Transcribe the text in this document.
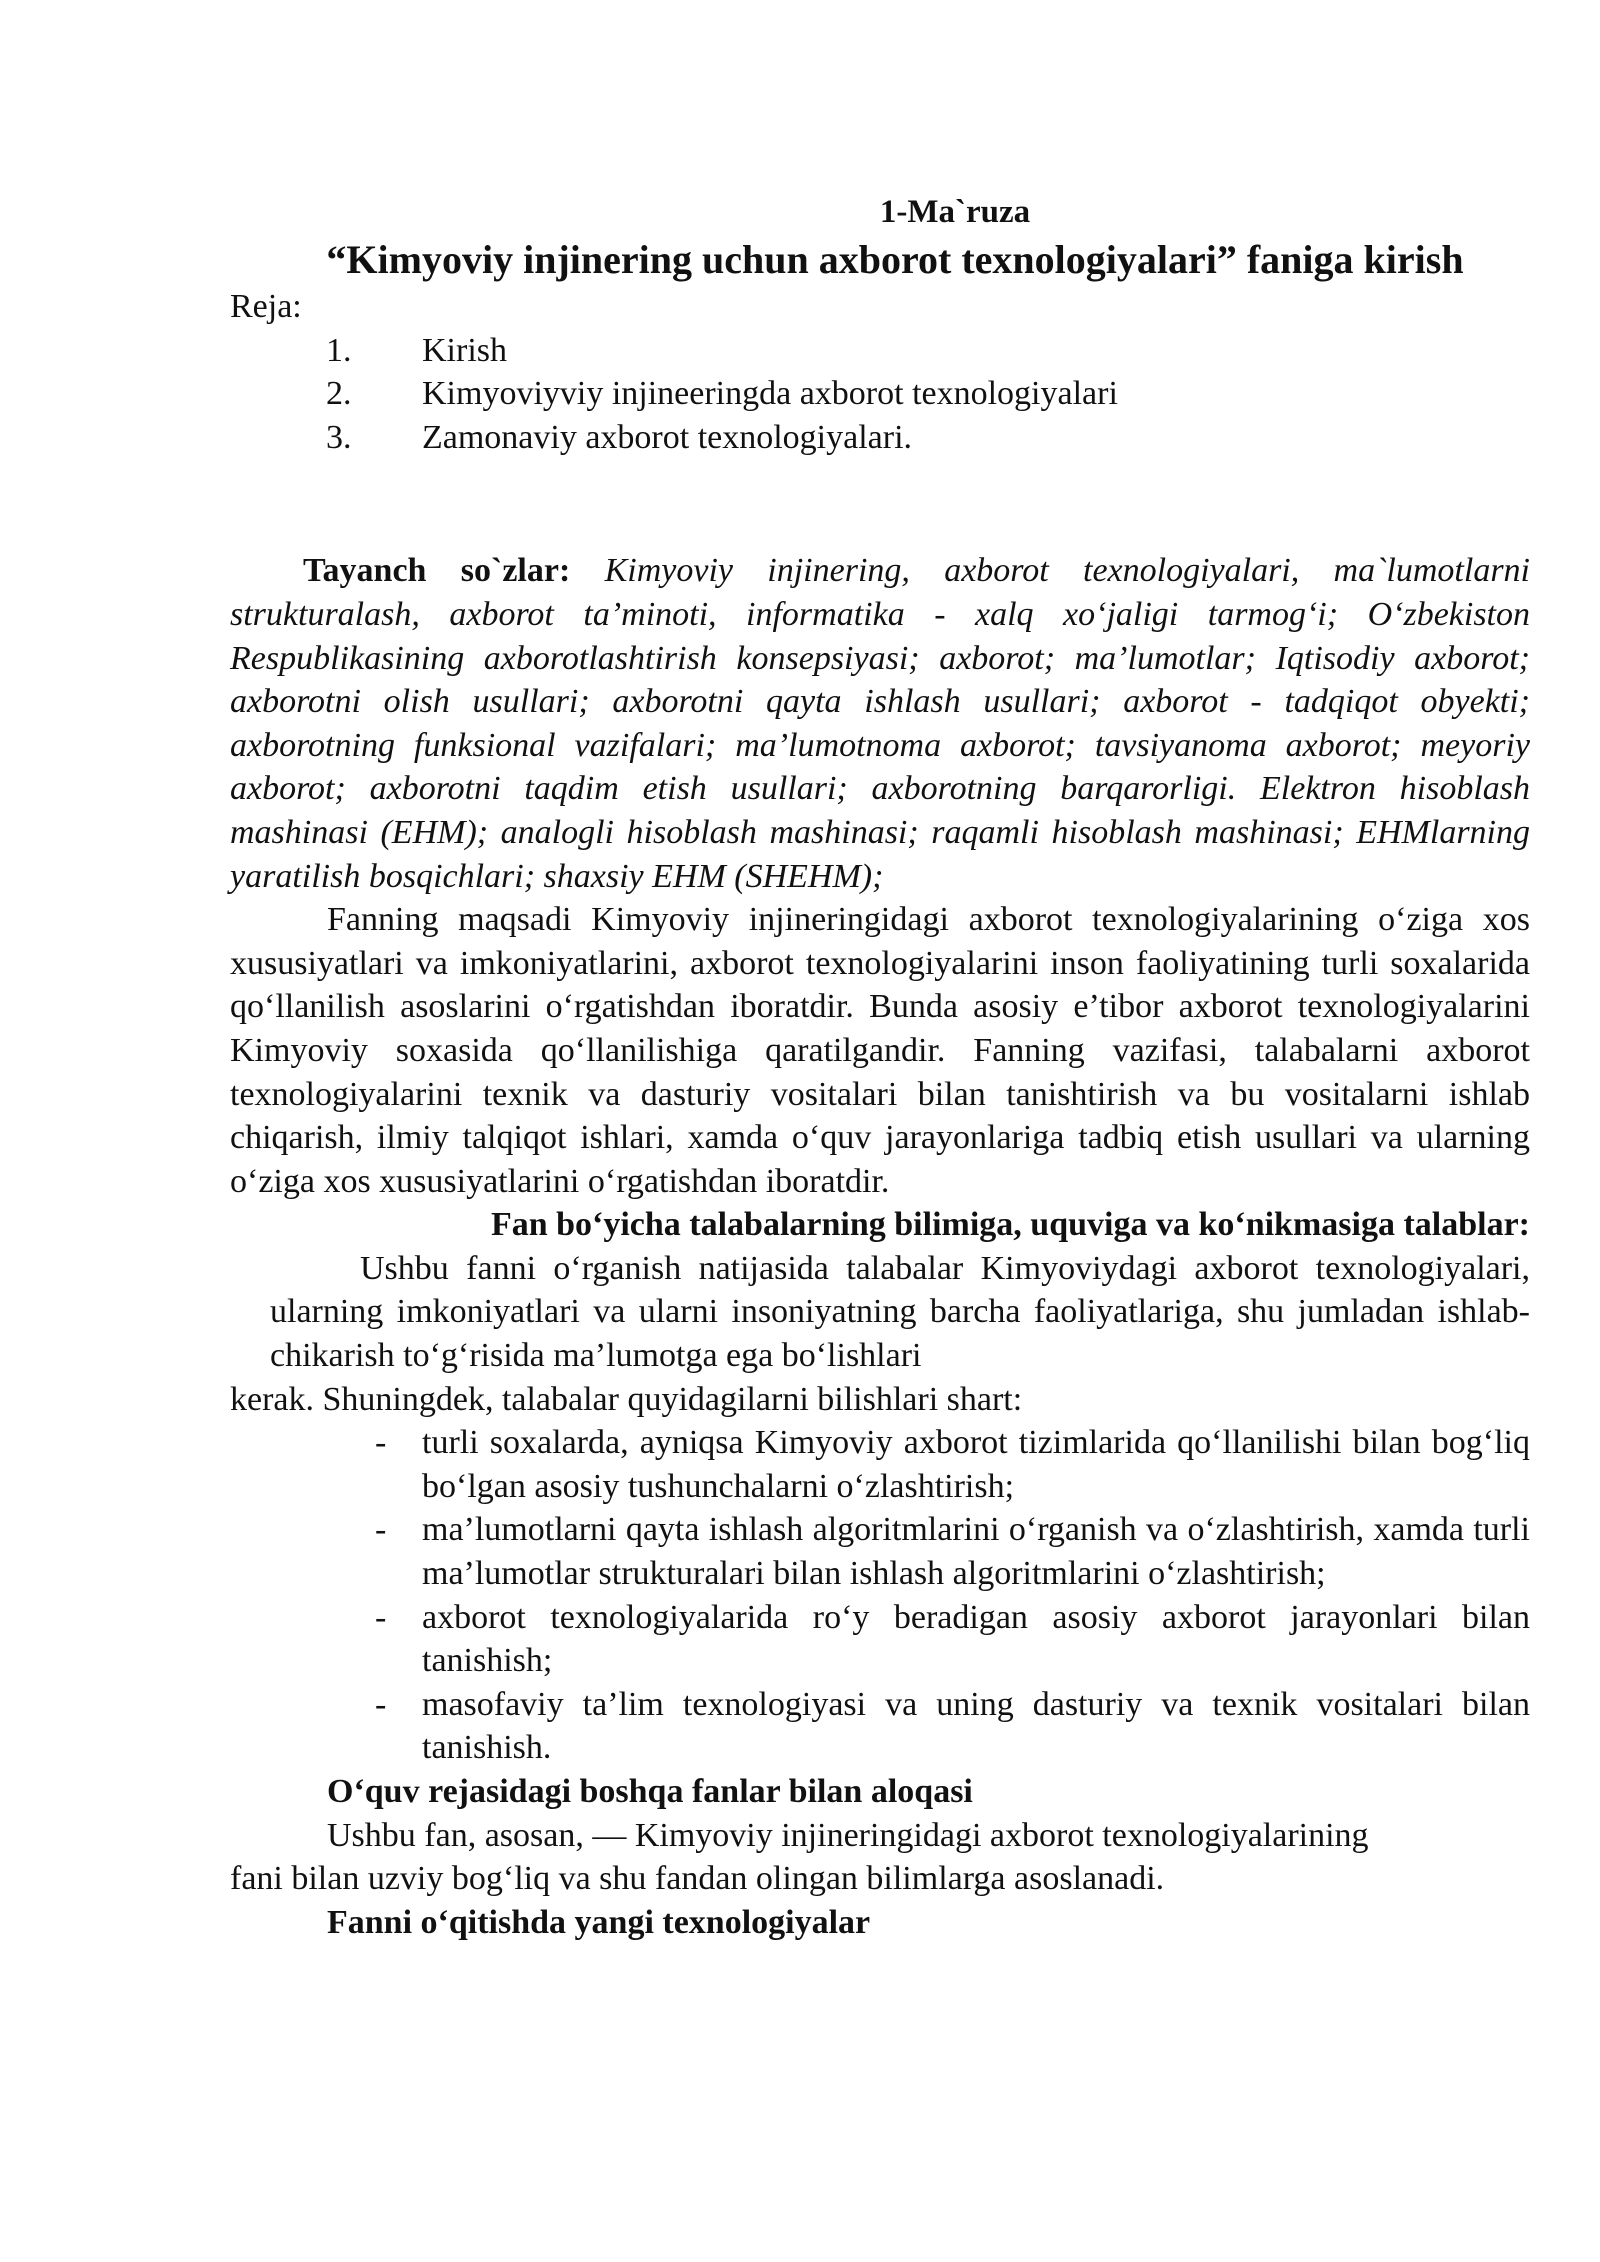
1-Ma`ruza

“Kimyoviy injinering uchun axborot texnologiyalari” faniga kirish

Reja:

1. Kirish
2. Kimyoviyviy injineeringda axborot texnologiyalari
3. Zamonaviy axborot texnologiyalari.

Tayanch so`zlar: Kimyoviy injinering, axborot texnologiyalari, ma`lumotlarni strukturalash, axborot ta’minoti, informatika - xalq xo‘jaligi tarmog‘i; O‘zbekiston Respublikasining axborotlashtirish konsepsiyasi; axborot; ma’lumotlar; Iqtisodiy axborot; axborotni olish usullari; axborotni qayta ishlash usullari; axborot - tadqiqot obyekti; axborotning funksional vazifalari; ma’lumotnoma axborot; tavsiyanoma axborot; meyoriy axborot; axborotni taqdim etish usullari; axborotning barqarorligi. Elektron hisoblash mashinasi (EHM); analogli hisoblash mashinasi; raqamli hisoblash mashinasi; EHMlarning yaratilish bosqichlari; shaxsiy EHM (SHEHM);

Fanning maqsadi Kimyoviy injineringidagi axborot texnologiyalarining o‘ziga xos xususiyatlari va imkoniyatlarini, axborot texnologiyalarini inson faoliyatining turli soxalarida qo‘llanilish asoslarini o‘rgatishdan iboratdir. Bunda asosiy e’tibor axborot texnologiyalarini Kimyoviy soxasida qo‘llanilishiga qaratilgandir. Fanning vazifasi, talabalarni axborot texnologiyalarini texnik va dasturiy vositalari bilan tanishtirish va bu vositalarni ishlab chiqarish, ilmiy talqiqot ishlari, xamda o‘quv jarayonlariga tadbiq etish usullari va ularning o‘ziga xos xususiyatlarini o‘rgatishdan iboratdir.

Fan bo‘yicha talabalarning bilimiga, uquviga va ko‘nikmasiga talablar:

Ushbu fanni o‘rganish natijasida talabalar Kimyoviydagi axborot texnologiyalari, ularning imkoniyatlari va ularni insoniyatning barcha faoliyatlariga, shu jumladan ishlab-chikarish to‘g‘risida ma’lumotga ega bo‘lishlari

kerak. Shuningdek, talabalar quyidagilarni bilishlari shart:

- turli soxalarda, ayniqsa Kimyoviy axborot tizimlarida qo‘llanilishi bilan bog‘liq bo‘lgan asosiy tushunchalarni o‘zlashtirish;
- ma’lumotlarni qayta ishlash algoritmlarini o‘rganish va o‘zlashtirish, xamda turli ma’lumotlar strukturalari bilan ishlash algoritmlarini o‘zlashtirish;
- axborot texnologiyalarida ro‘y beradigan asosiy axborot jarayonlari bilan tanishish;
- masofaviy ta’lim texnologiyasi va uning dasturiy va texnik vositalari bilan tanishish.

O‘quv rejasidagi boshqa fanlar bilan aloqasi

Ushbu fan, asosan, — Kimyoviy injineringidagi axborot texnologiyalarining

fani bilan uzviy bog‘liq va shu fandan olingan bilimlarga asoslanadi.

Fanni o‘qitishda yangi texnologiyalar
